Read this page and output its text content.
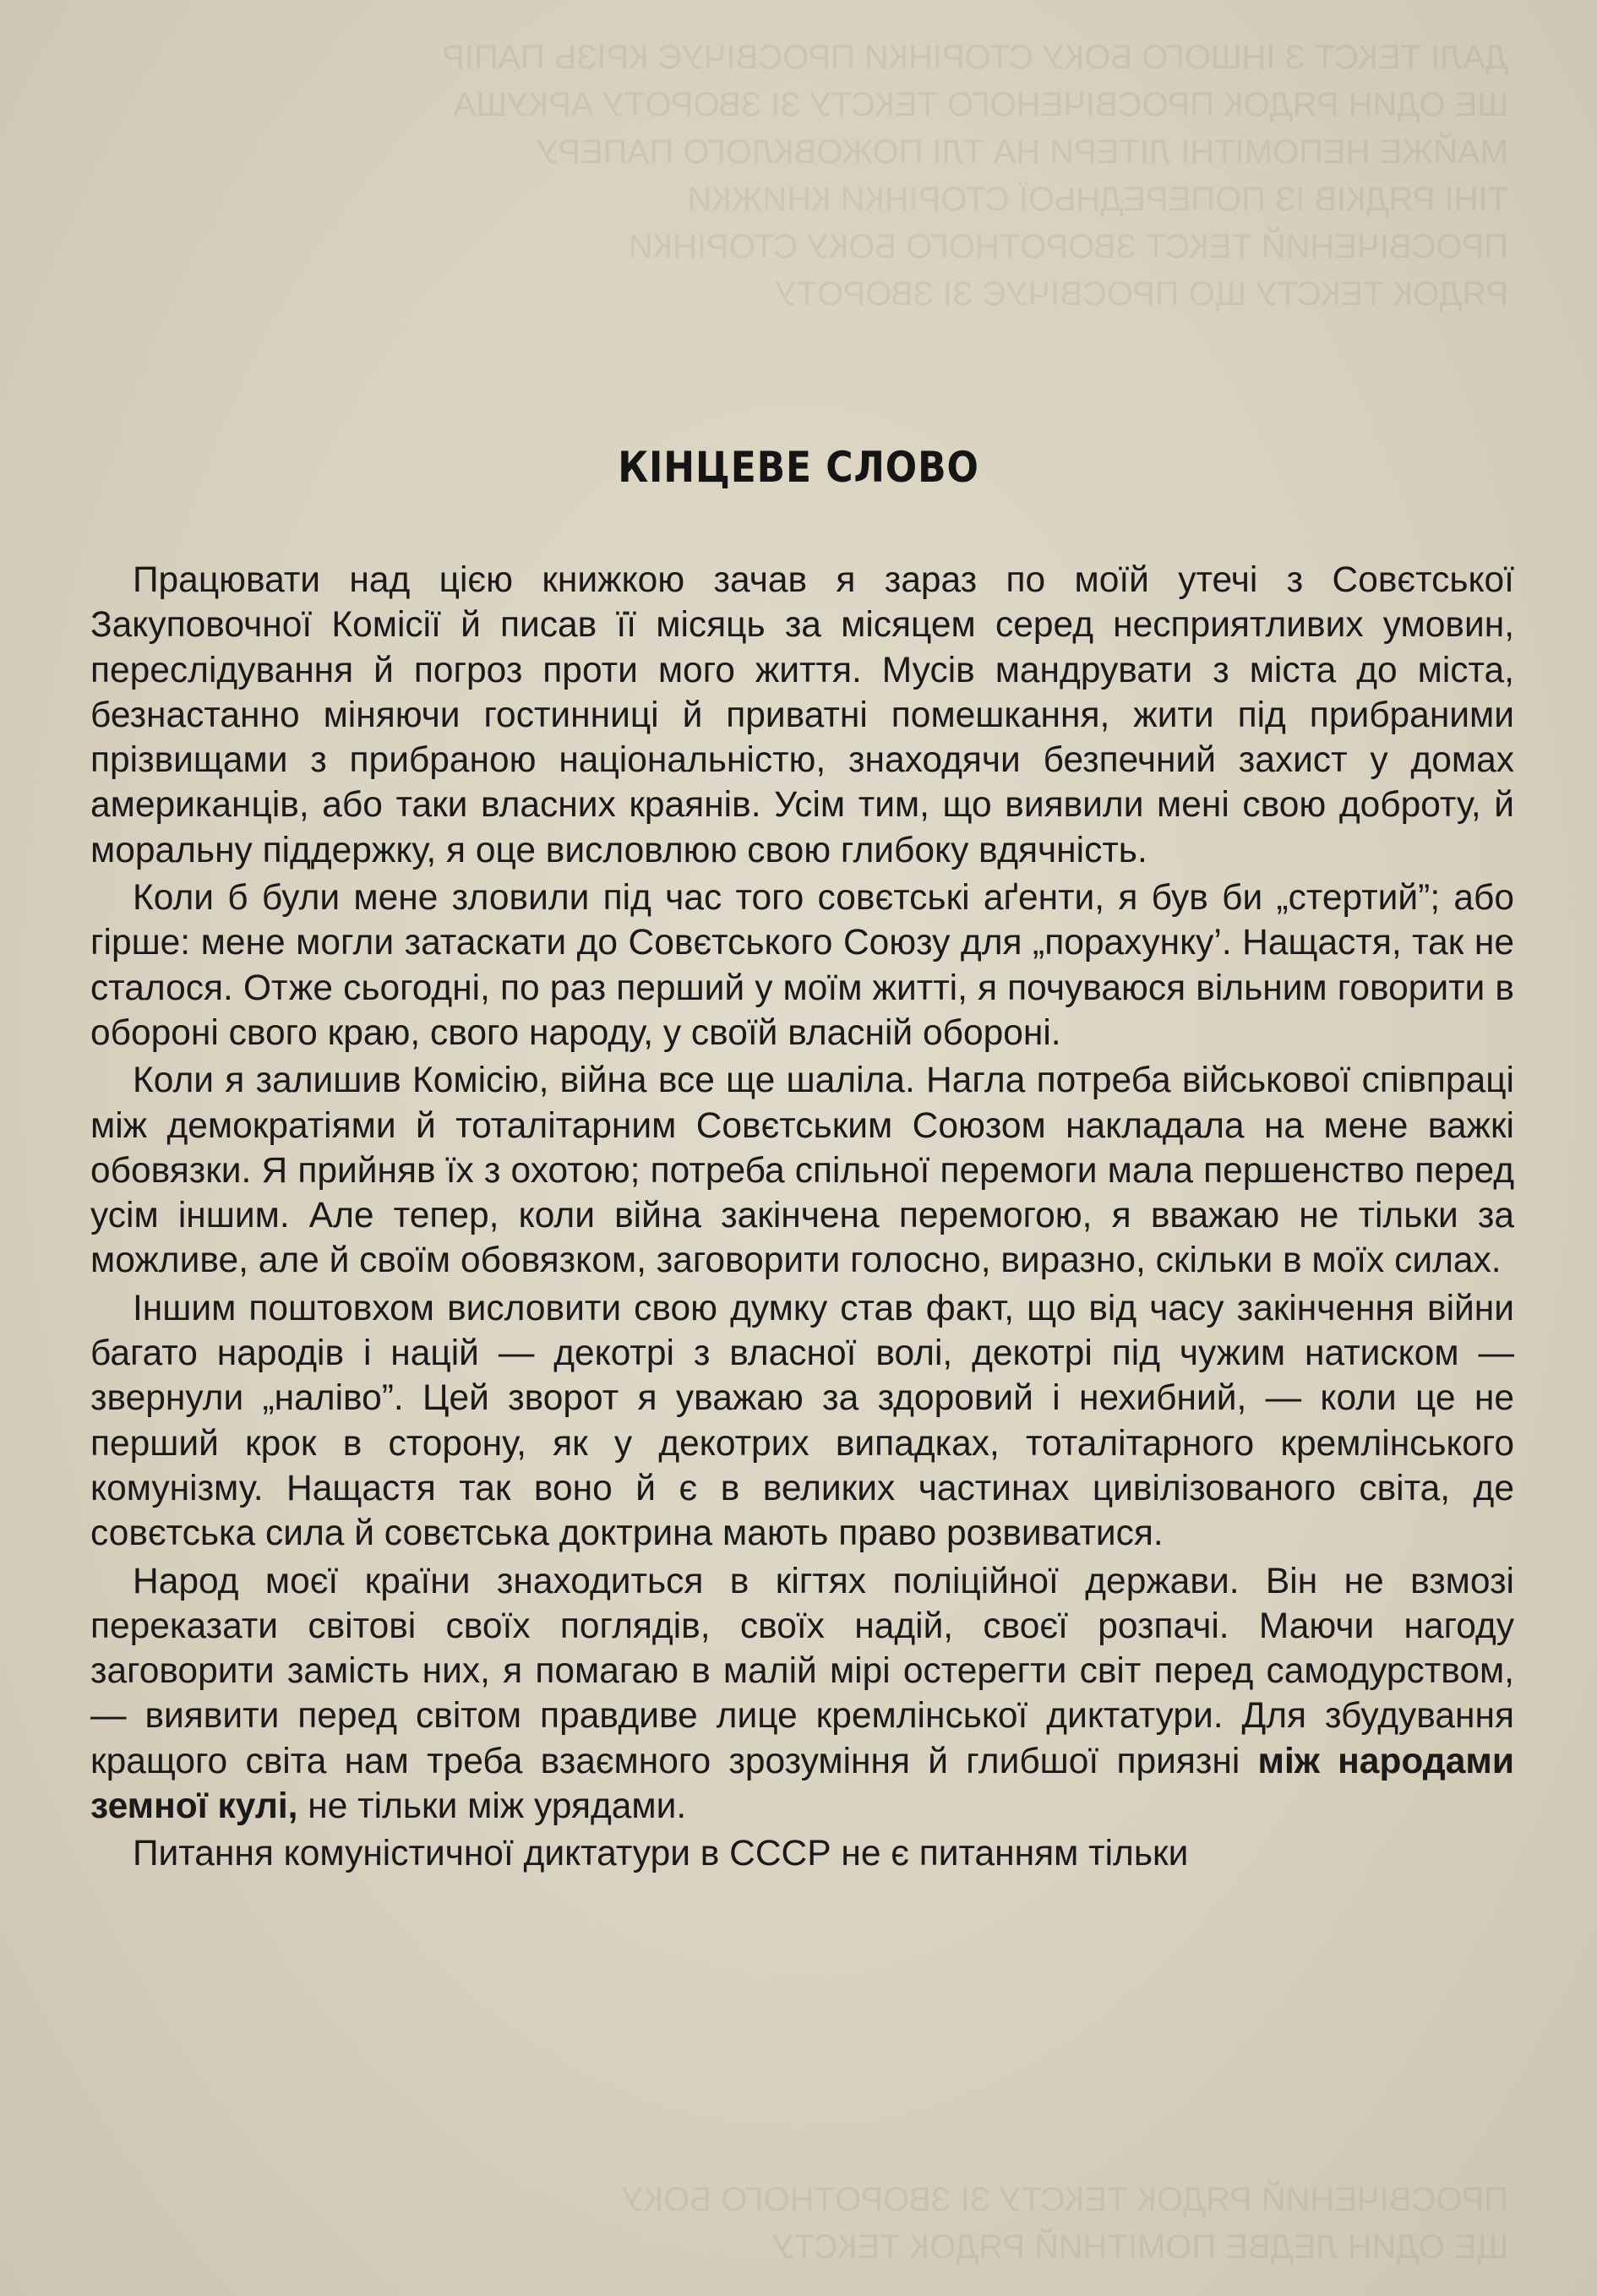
ДАЛІ ТЕКСТ З ІНШОГО БОКУ СТОРІНКИ ПРОСВІЧУЄ КРІЗЬ ПАПІР
ШЕ ОДИН РЯДОК ПРОСВІЧЕНОГО ТЕКСТУ ЗІ ЗВОРОТУ АРКУША
МАЙЖЕ НЕПОМІТНІ ЛІТЕРИ НА ТЛІ ПОЖОВКЛОГО ПАПЕРУ
ТІНІ РЯДКІВ ІЗ ПОПЕРЕДНЬОЇ СТОРІНКИ КНИЖКИ
ПРОСВІЧЕНИЙ ТЕКСТ ЗВОРОТНОГО БОКУ СТОРІНКИ
РЯДОК ТЕКСТУ ЩО ПРОСВІЧУЄ ЗІ ЗВОРОТУ
КІНЦЕВЕ СЛОВО

Працювати над цією книжкою зачав я зараз по моїй утечі з Совєтської Закуповочної Комісії й писав її місяць за місяцем серед несприятливих умовин, переслідування й погроз проти мого життя. Мусів мандрувати з міста до міста, безнастанно міняючи гостинниці й приватні помешкання, жити під прибраними прізвищами з прибраною національністю, знаходячи безпечний захист у домах американців, або таки власних краянів. Усім тим, що виявили мені свою доброту, й моральну піддержку, я оце висловлюю свою глибоку вдячність.

Коли б були мене зловили під час того совєтські аґенти, я був би „стертий”; або гірше: мене могли затаскати до Совєтського Союзу для „порахунку’. Нащастя, так не сталося. Отже сьогодні, по раз перший у моїм житті, я почуваюся вільним говорити в обороні свого краю, свого народу, у своїй власній обороні.

Коли я залишив Комісію, війна все ще шаліла. Нагла потреба військової співпраці між демократіями й тоталітарним Совєтським Союзом накладала на мене важкі обовязки. Я прийняв їх з охотою; потреба спільної перемоги мала першенство перед усім іншим. Але тепер, коли війна закінчена перемогою, я вважаю не тільки за можливе, але й своїм обовязком, заговорити голосно, виразно, скільки в моїх силах.

Іншим поштовхом висловити свою думку став факт, що від часу закінчення війни багато народів і націй — декотрі з власної волі, декотрі під чужим натиском — звернули „наліво”. Цей зворот я уважаю за здоровий і нехибний, — коли це не перший крок в сторону, як у декотрих випадках, тоталітарного кремлінськoго комунізму. Нащастя так воно й є в великих частинах цивілізованого світа, де совєтська сила й совєтська доктрина мають право розвиватися.

Народ моєї країни знаходиться в кігтях поліційної держави. Він не взмозі переказати світові своїх поглядів, своїх надій, своєї розпачі. Маючи нагоду заговорити замість них, я помагаю в малій мірі остерегти світ перед самодурством, — виявити перед світом правдиве лице кремлінської диктатури. Для збудування кращого світа нам треба взаємного зрозуміння й глибшої приязні між народами земної кулі, не тільки між урядами.

Питання комуністичної диктатури в СССР не є питанням тільки

ПРОСВІЧЕНИЙ РЯДОК ТЕКСТУ ЗІ ЗВОРОТНОГО БОКУ
ЩЕ ОДИН ЛЕДВЕ ПОМІТНИЙ РЯДОК ТЕКСТУ
